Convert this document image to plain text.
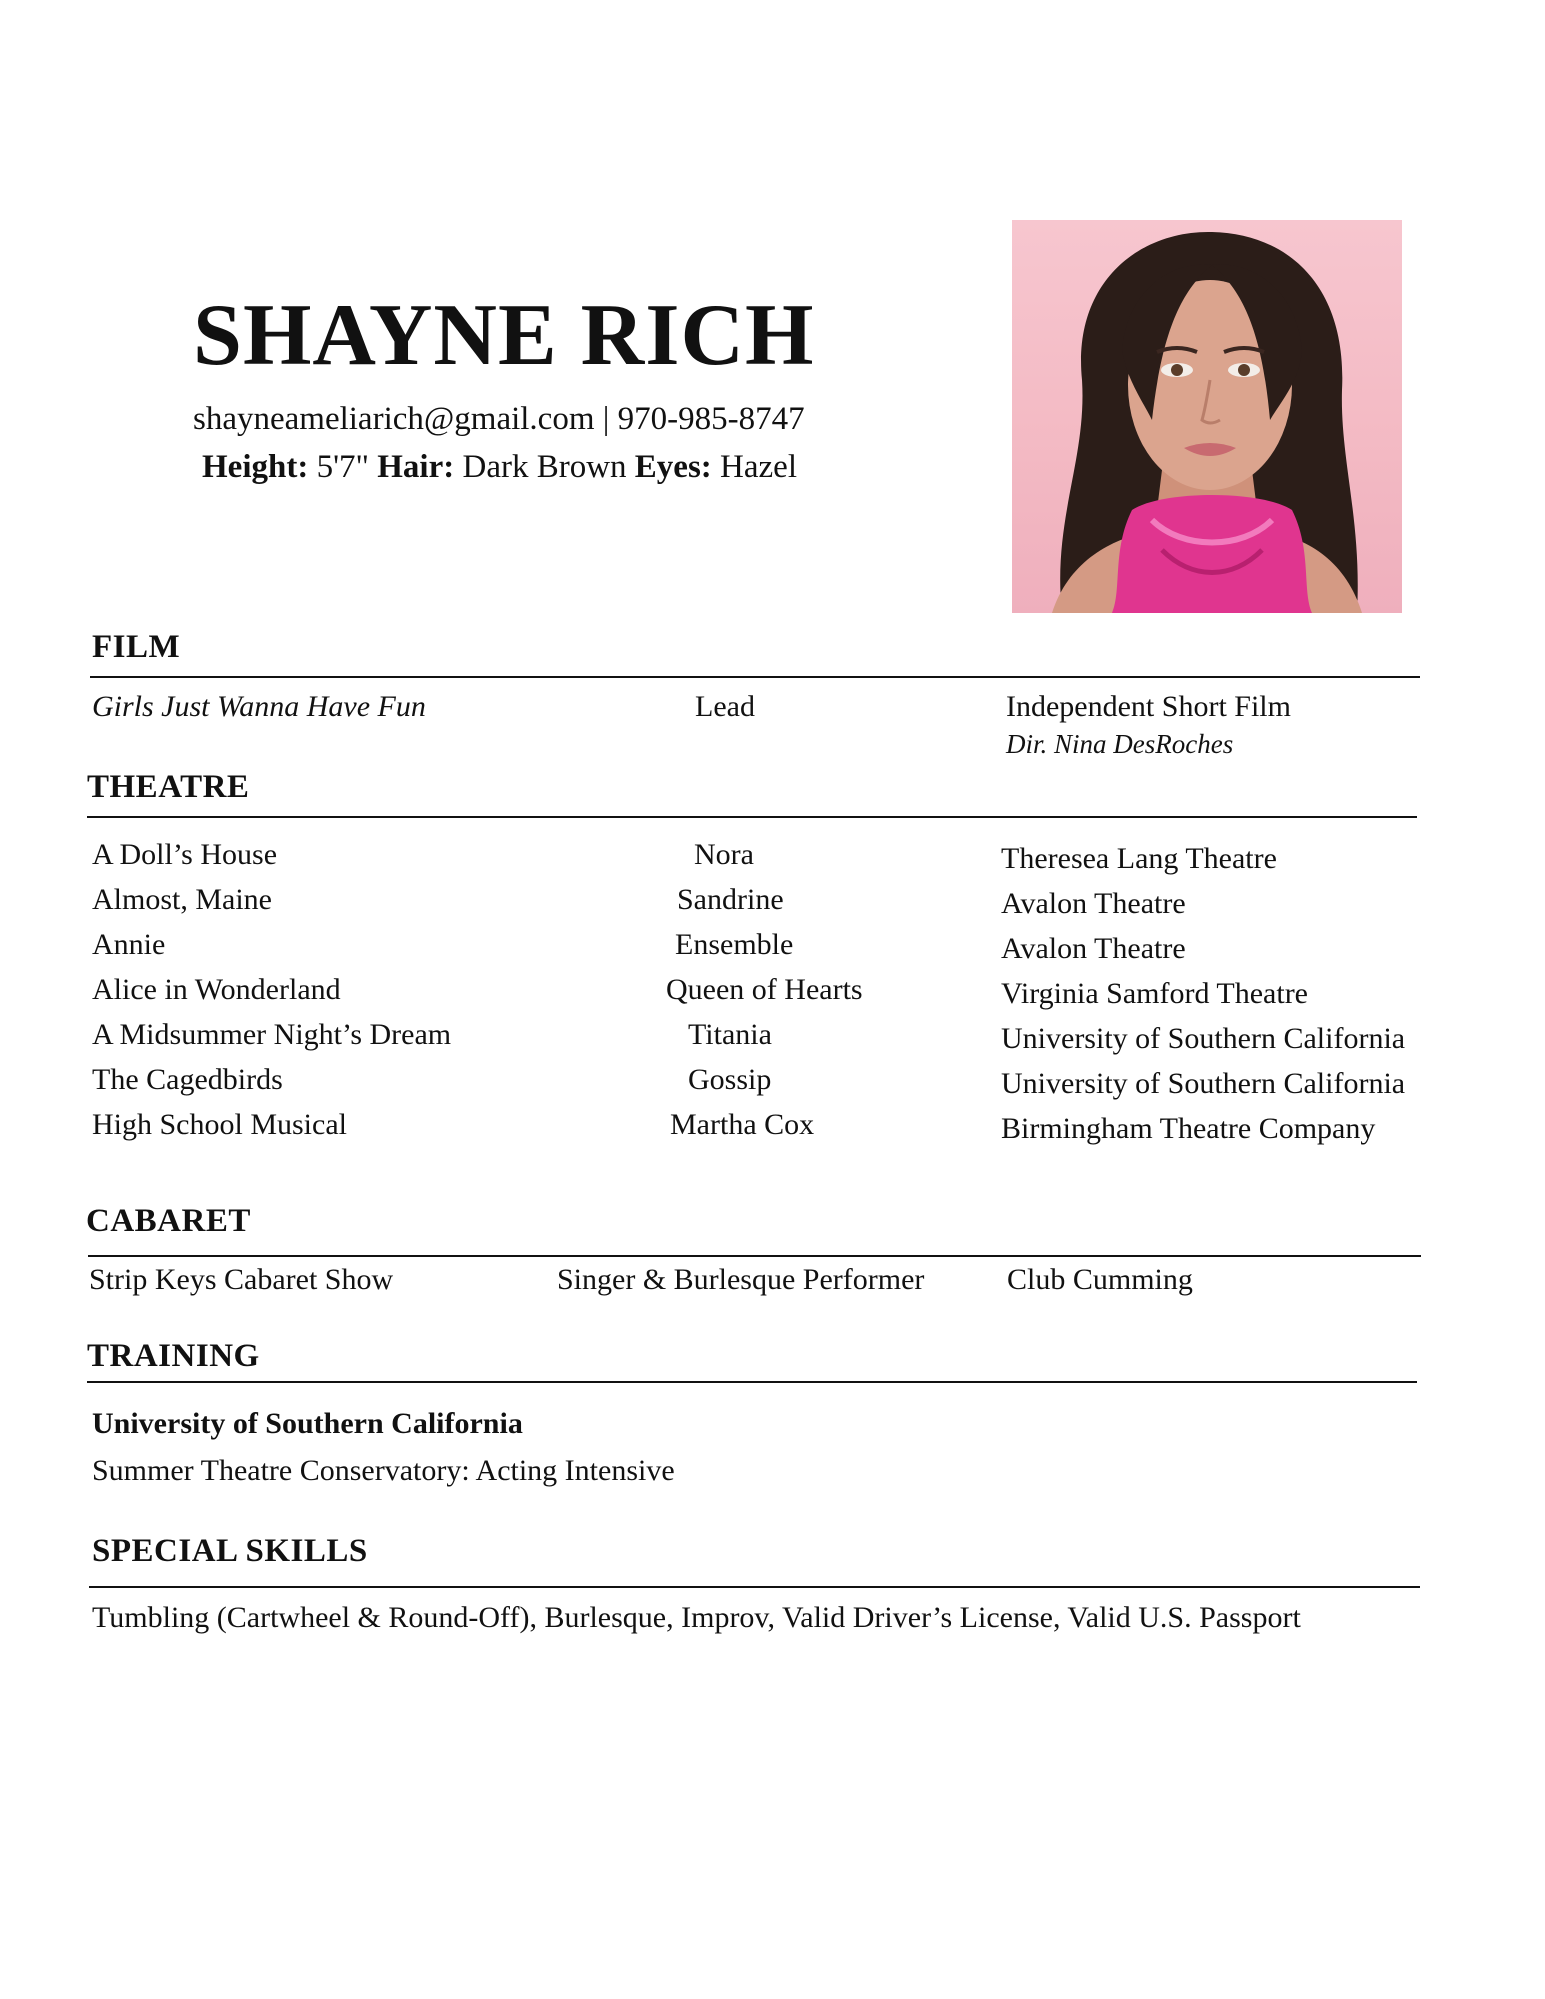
SHAYNE RICH
shayneameliarich@gmail.com | 970-985-8747
Height: 5'7" Hair: Dark Brown Eyes: Hazel
FILM
Girls Just Wanna Have Fun	Lead	Independent Short Film
Dir. Nina DesRoches
THEATRE
A Doll’s House	Nora	Theresea Lang Theatre
Almost, Maine	Sandrine	Avalon Theatre
Annie	Ensemble	Avalon Theatre
Alice in Wonderland	Queen of Hearts	Virginia Samford Theatre
A Midsummer Night’s Dream	Titania	University of Southern California
The Cagedbirds	Gossip	University of Southern California
High School Musical	Martha Cox	Birmingham Theatre Company
CABARET
Strip Keys Cabaret Show	Singer & Burlesque Performer	Club Cumming
TRAINING
University of Southern California
Summer Theatre Conservatory: Acting Intensive
SPECIAL SKILLS
Tumbling (Cartwheel & Round-Off), Burlesque, Improv, Valid Driver’s License, Valid U.S. Passport
